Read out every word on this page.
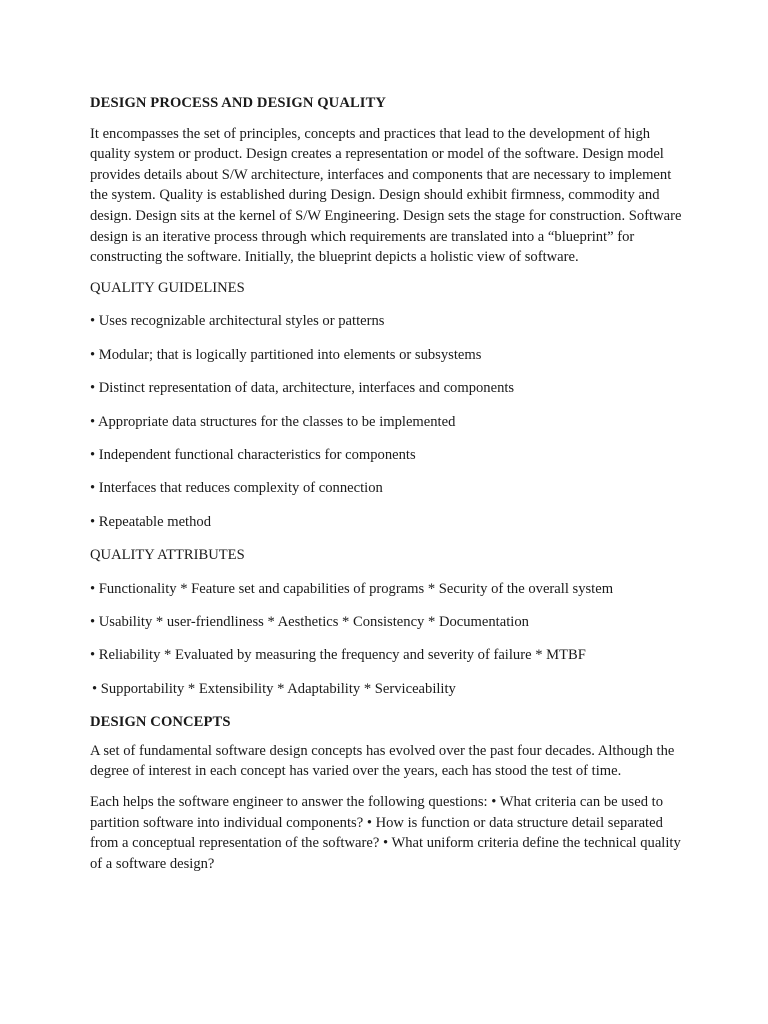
DESIGN PROCESS AND DESIGN QUALITY

It encompasses the set of principles, concepts and practices that lead to the development of high quality system or product. Design creates a representation or model of the software. Design model provides details about S/W architecture, interfaces and components that are necessary to implement the system. Quality is established during Design. Design should exhibit firmness, commodity and design. Design sits at the kernel of S/W Engineering. Design sets the stage for construction. Software design is an iterative process through which requirements are translated into a “blueprint” for constructing the software. Initially, the blueprint depicts a holistic view of software.

QUALITY GUIDELINES

• Uses recognizable architectural styles or patterns

• Modular; that is logically partitioned into elements or subsystems

• Distinct representation of data, architecture, interfaces and components

• Appropriate data structures for the classes to be implemented

• Independent functional characteristics for components

• Interfaces that reduces complexity of connection

• Repeatable method

QUALITY ATTRIBUTES

• Functionality * Feature set and capabilities of programs * Security of the overall system

• Usability * user-friendliness * Aesthetics * Consistency * Documentation

• Reliability * Evaluated by measuring the frequency and severity of failure * MTBF

• Supportability * Extensibility * Adaptability * Serviceability

DESIGN CONCEPTS

A set of fundamental software design concepts has evolved over the past four decades. Although the degree of interest in each concept has varied over the years, each has stood the test of time.

Each helps the software engineer to answer the following questions: • What criteria can be used to partition software into individual components? • How is function or data structure detail separated from a conceptual representation of the software? • What uniform criteria define the technical quality of a software design?
